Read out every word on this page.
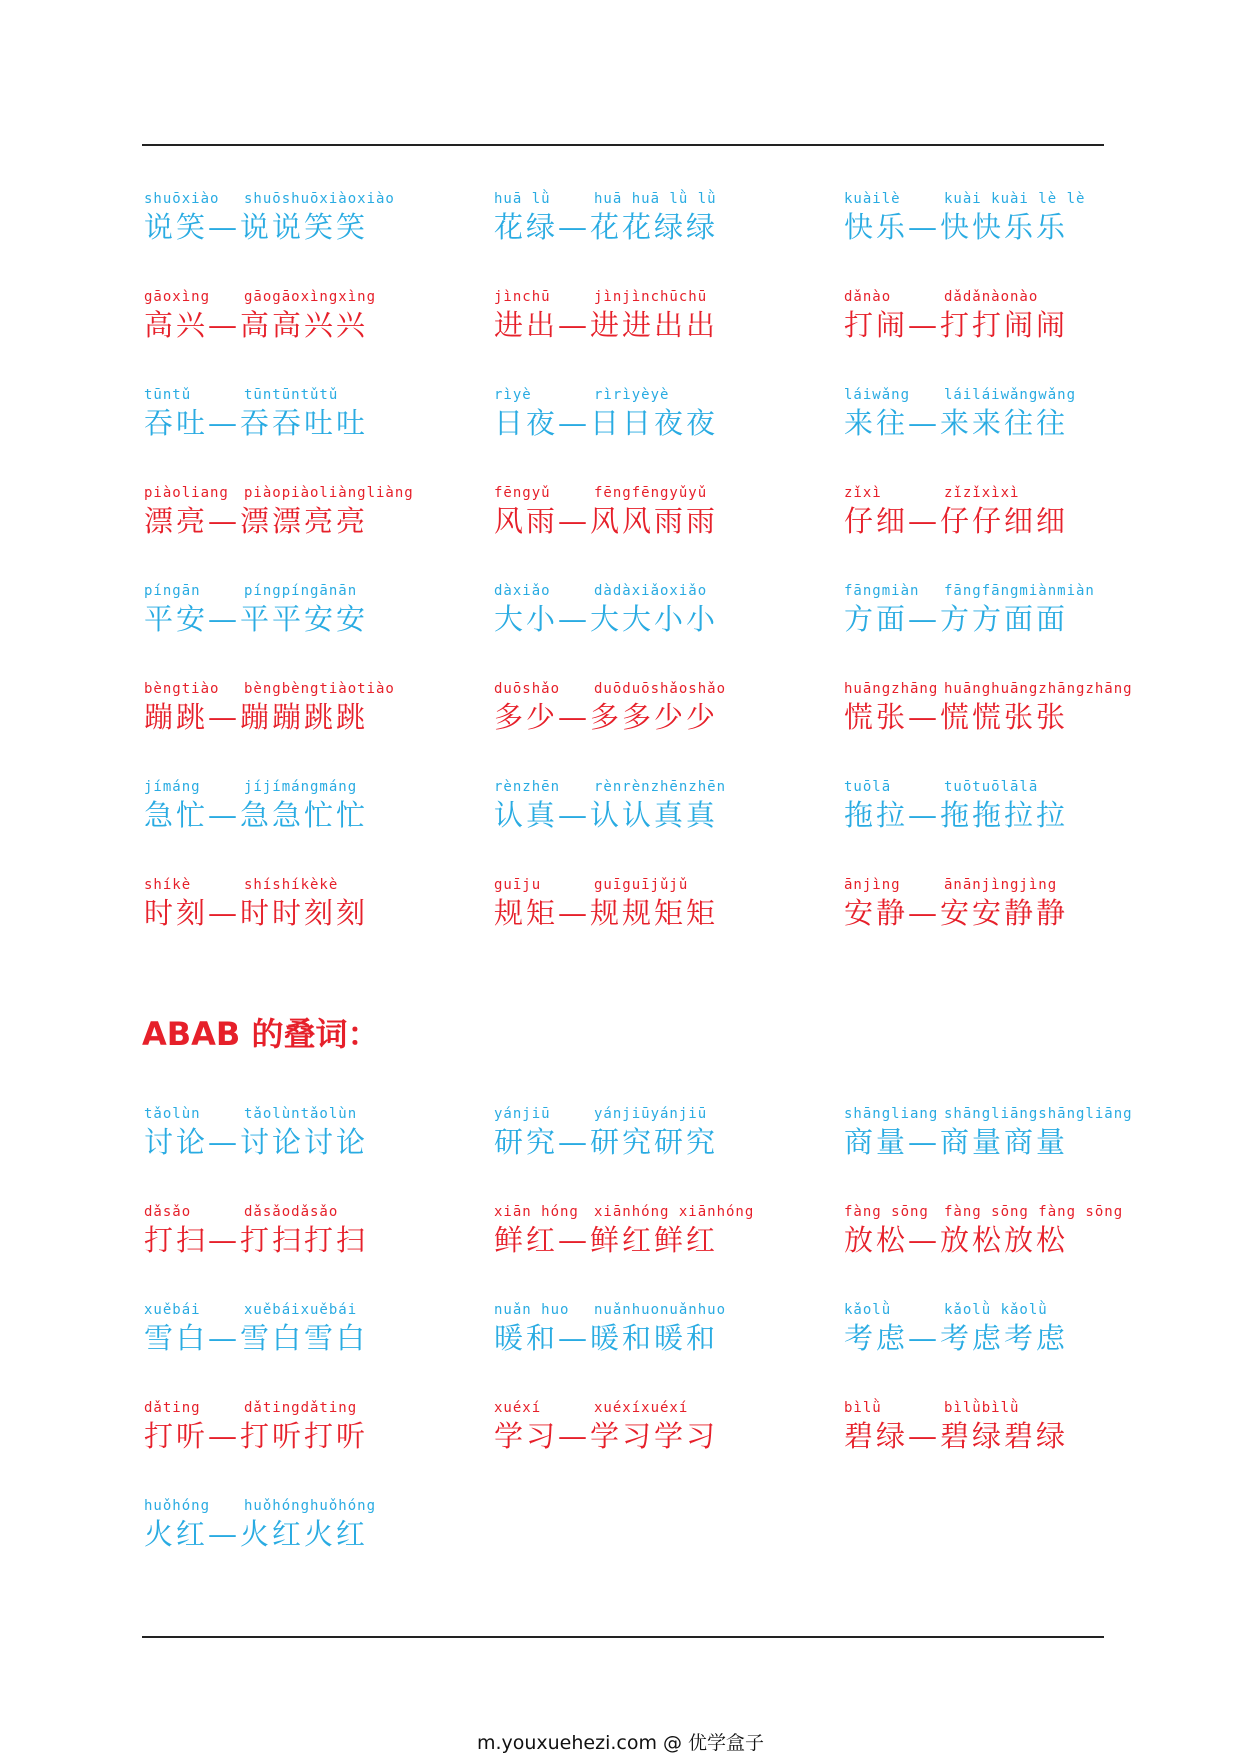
shuōxiào shuōshuōxiàoxiào
说笑—说说笑笑
huā lǜ	huā huā lǜ lǜ
花绿—花花绿绿
kuàilè	kuài kuài lè lè
快乐—快快乐乐
gāoxìng gāogāoxìngxìng
高兴—高高兴兴
jìnchū	jìnjìnchūchū
进出—进进出出
dǎnào	dǎdǎnàonào
打闹—打打闹闹
tūntǔ	tūntūntǔtǔ
吞吐—吞吞吐吐
rìyè	rìrìyèyè
日夜—日日夜夜
láiwǎng láiláiwǎngwǎng
来往—来来往往
piàoliang piàopiàoliàngliàng
漂亮—漂漂亮亮
fēngyǔ	fēngfēngyǔyǔ
风雨—风风雨雨
zǐxì	zǐzǐxìxì
仔细—仔仔细细
píngān	píngpíngānān
平安—平平安安
dàxiǎo	dàdàxiǎoxiǎo
大小—大大小小
fāngmiàn fāngfāngmiànmiàn
方面—方方面面
bèngtiào bèngbèngtiàotiào
蹦跳—蹦蹦跳跳
duōshǎo duōduōshǎoshǎo
多少—多多少少
huāngzhāng huānghuāngzhāngzhāng
慌张—慌慌张张
jímáng	jíjímángmáng
急忙—急急忙忙
rènzhēn rènrènzhēnzhēn
认真—认认真真
tuōlā	tuōtuōlālā
拖拉—拖拖拉拉
shíkè	shíshíkèkè
时刻—时时刻刻
guīju	guīguījǔjǔ
规矩—规规矩矩
ānjìng	ānānjìngjìng
安静—安安静静
ABAB 的叠词：
tǎolùn	tǎolùntǎolùn
讨论—讨论讨论
yánjiū	yánjiūyánjiū
研究—研究研究
shāngliang shāngliāngshāngliāng
商量—商量商量
dǎsǎo	dǎsǎodǎsǎo
打扫—打扫打扫
xiān hóng xiānhóng xiānhóng
鲜红—鲜红鲜红
fàng sōng fàng sōng fàng sōng
放松—放松放松
xuěbái	xuěbáixuěbái
雪白—雪白雪白
nuǎn huo nuǎnhuonuǎnhuo
暖和—暖和暖和
kǎolǜ	kǎolǜ kǎolǜ
考虑—考虑考虑
dǎting	dǎtingdǎting
打听—打听打听
xuéxí	xuéxíxuéxí
学习—学习学习
bìlǜ	bìlǜbìlǜ
碧绿—碧绿碧绿
huǒhóng huǒhónghuǒhóng
火红—火红火红
m.youxuehezi.com @ 优学盒子
